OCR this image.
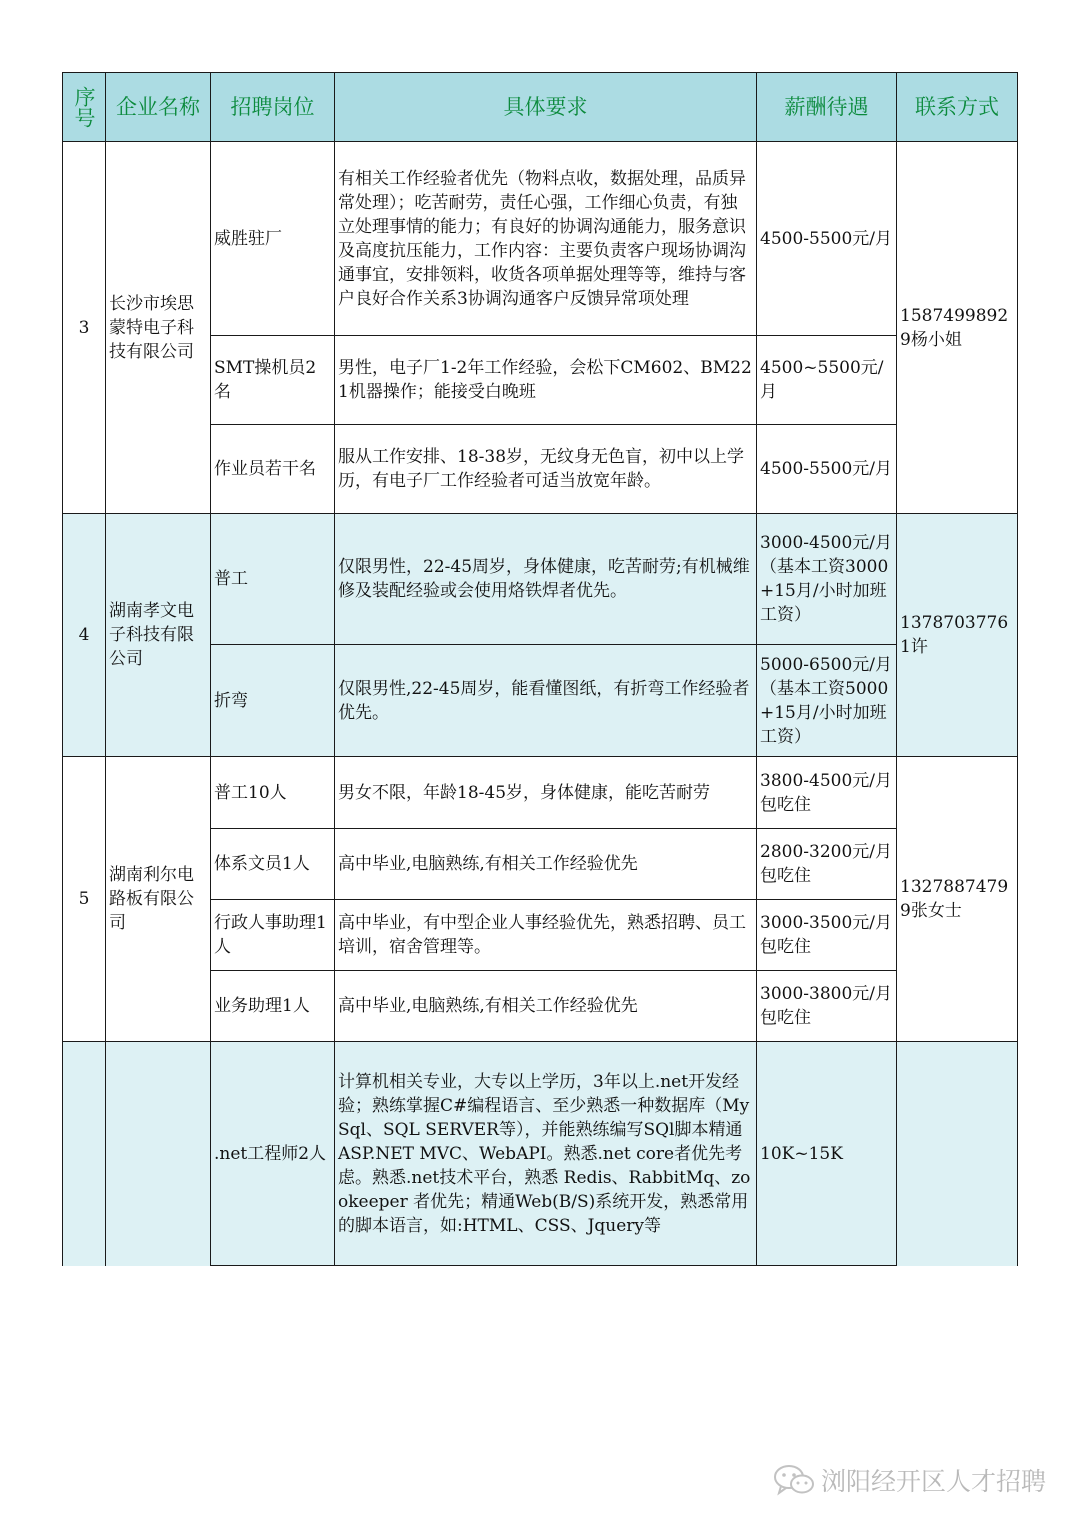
序号	企业名称	招聘岗位	具体要求	薪酬待遇	联系方式
3	长沙市埃思蒙特电子科技有限公司	威胜驻厂	有相关工作经验者优先（物料点收，数据处理，品质异常处理）；吃苦耐劳，责任心强，工作细心负责，有独立处理事情的能力；有良好的协调沟通能力，服务意识及高度抗压能力，工作内容：主要负责客户现场协调沟通事宜，安排领料，收货各项单据处理等等，维持与客户良好合作关系3协调沟通客户反馈异常项处理	4500-5500元/月	15874998929杨小姐
		SMT操机员2名	男性，电子厂1-2年工作经验，会松下CM602、BM221机器操作；能接受白晚班	4500~5500元/月	
		作业员若干名	服从工作安排、18-38岁，无纹身无色盲，初中以上学历，有电子厂工作经验者可适当放宽年龄。	4500-5500元/月	
4	湖南孝文电子科技有限公司	普工	仅限男性，22-45周岁，身体健康，吃苦耐劳;有机械维修及装配经验或会使用烙铁焊者优先。	3000-4500元/月（基本工资3000+15月/小时加班工资）	13787037761许
		折弯	仅限男性,22-45周岁，能看懂图纸，有折弯工作经验者优先。	5000-6500元/月（基本工资5000+15月/小时加班工资）	
5	湖南利尔电路板有限公司	普工10人	男女不限，年龄18-45岁，身体健康，能吃苦耐劳	3800-4500元/月包吃住	13278874799张女士
		体系文员1人	高中毕业,电脑熟练,有相关工作经验优先	2800-3200元/月包吃住	
		行政人事助理1人	高中毕业，有中型企业人事经验优先，熟悉招聘、员工培训，宿舍管理等。	3000-3500元/月包吃住	
		业务助理1人	高中毕业,电脑熟练,有相关工作经验优先	3000-3800元/月包吃住	
		.net工程师2人	计算机相关专业，大专以上学历，3年以上.net开发经验；熟练掌握C#编程语言、至少熟悉一种数据库（MySql、SQL SERVER等），并能熟练编写SQl脚本精通ASP.NET MVC、WebAPI。熟悉.net core者优先考虑。熟悉.net技术平台，熟悉 Redis、RabbitMq、zookeeper 者优先；精通Web(B/S)系统开发，熟悉常用的脚本语言，如:HTML、CSS、Jquery等	10K~15K	
浏阳经开区人才招聘
